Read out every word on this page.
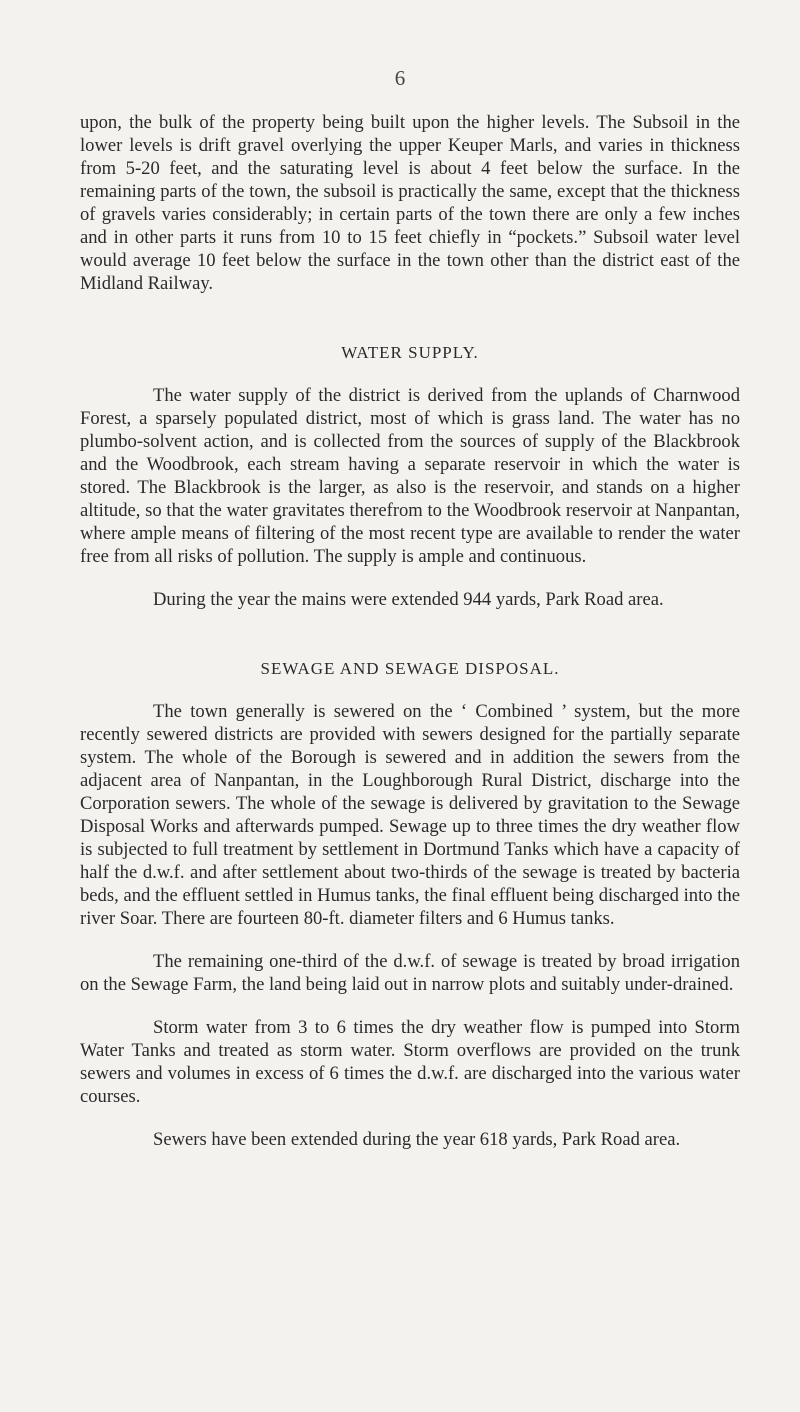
6

upon, the bulk of the property being built upon the higher levels. The Subsoil in the lower levels is drift gravel overlying the upper Keuper Marls, and varies in thickness from 5-20 feet, and the saturating level is about 4 feet below the surface. In the remaining parts of the town, the subsoil is practically the same, except that the thickness of gravels varies considerably; in certain parts of the town there are only a few inches and in other parts it runs from 10 to 15 feet chiefly in “pockets.” Subsoil water level would average 10 feet below the surface in the town other than the district east of the Midland Railway.

WATER SUPPLY.

The water supply of the district is derived from the uplands of Charnwood Forest, a sparsely populated district, most of which is grass land. The water has no plumbo-solvent action, and is collected from the sources of supply of the Blackbrook and the Woodbrook, each stream having a separate reservoir in which the water is stored. The Blackbrook is the larger, as also is the reservoir, and stands on a higher altitude, so that the water gravitates therefrom to the Woodbrook reservoir at Nanpantan, where ample means of filtering of the most recent type are available to render the water free from all risks of pollution. The supply is ample and continuous.

During the year the mains were extended 944 yards, Park Road area.

SEWAGE AND SEWAGE DISPOSAL.

The town generally is sewered on the ‘ Combined ’ system, but the more recently sewered districts are provided with sewers designed for the partially separate system. The whole of the Borough is sewered and in addition the sewers from the adjacent area of Nanpantan, in the Loughborough Rural District, discharge into the Corporation sewers. The whole of the sewage is delivered by gravitation to the Sewage Disposal Works and afterwards pumped. Sewage up to three times the dry weather flow is subjected to full treatment by settlement in Dortmund Tanks which have a capacity of half the d.w.f. and after settlement about two-thirds of the sewage is treated by bacteria beds, and the effluent settled in Humus tanks, the final effluent being discharged into the river Soar. There are fourteen 80-ft. diameter filters and 6 Humus tanks.

The remaining one-third of the d.w.f. of sewage is treated by broad irrigation on the Sewage Farm, the land being laid out in narrow plots and suitably under-drained.

Storm water from 3 to 6 times the dry weather flow is pumped into Storm Water Tanks and treated as storm water. Storm overflows are provided on the trunk sewers and volumes in excess of 6 times the d.w.f. are discharged into the various water courses.

Sewers have been extended during the year 618 yards, Park Road area.
